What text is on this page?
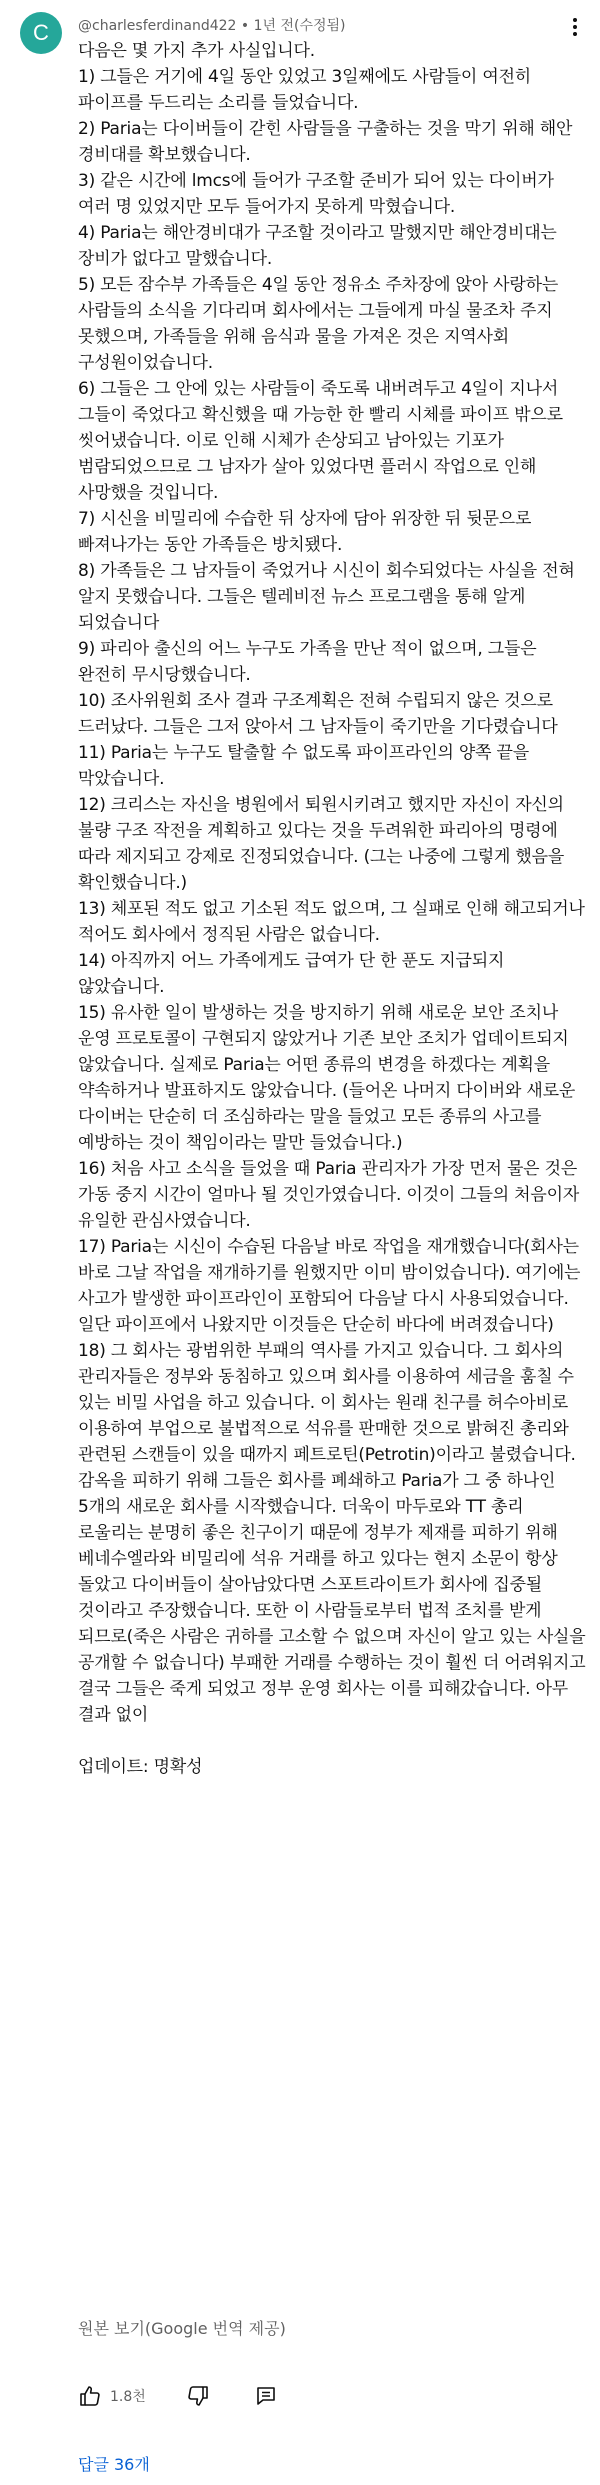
C @charlesferdinand422 • 1년 전(수정됨)

다음은 몇 가지 추가 사실입니다.

1) 그들은 거기에 4일 동안 있었고 3일째에도 사람들이 여전히 파이프를 두드리는 소리를 들었습니다.

2) Paria는 다이버들이 갇힌 사람들을 구출하는 것을 막기 위해 해안 경비대를 확보했습니다.

3) 같은 시간에 lmcs에 들어가 구조할 준비가 되어 있는 다이버가 여러 명 있었지만 모두 들어가지 못하게 막혔습니다.

4) Paria는 해안경비대가 구조할 것이라고 말했지만 해안경비대는 장비가 없다고 말했습니다.

5) 모든 잠수부 가족들은 4일 동안 정유소 주차장에 앉아 사랑하는 사람들의 소식을 기다리며 회사에서는 그들에게 마실 물조차 주지 못했으며, 가족들을 위해 음식과 물을 가져온 것은 지역사회 구성원이었습니다.

6) 그들은 그 안에 있는 사람들이 죽도록 내버려두고 4일이 지나서 그들이 죽었다고 확신했을 때 가능한 한 빨리 시체를 파이프 밖으로 씻어냈습니다. 이로 인해 시체가 손상되고 남아있는 기포가 범람되었으므로 그 남자가 살아 있었다면 플러시 작업으로 인해 사망했을 것입니다.

7) 시신을 비밀리에 수습한 뒤 상자에 담아 위장한 뒤 뒷문으로 빠져나가는 동안 가족들은 방치됐다.

8) 가족들은 그 남자들이 죽었거나 시신이 회수되었다는 사실을 전혀 알지 못했습니다. 그들은 텔레비전 뉴스 프로그램을 통해 알게 되었습니다

9) 파리아 출신의 어느 누구도 가족을 만난 적이 없으며, 그들은 완전히 무시당했습니다.

10) 조사위원회 조사 결과 구조계획은 전혀 수립되지 않은 것으로 드러났다. 그들은 그저 앉아서 그 남자들이 죽기만을 기다렸습니다

11) Paria는 누구도 탈출할 수 없도록 파이프라인의 양쪽 끝을 막았습니다.

12) 크리스는 자신을 병원에서 퇴원시키려고 했지만 자신이 자신의 불량 구조 작전을 계획하고 있다는 것을 두려워한 파리아의 명령에 따라 제지되고 강제로 진정되었습니다. (그는 나중에 그렇게 했음을 확인했습니다.)

13) 체포된 적도 없고 기소된 적도 없으며, 그 실패로 인해 해고되거나 적어도 회사에서 정직된 사람은 없습니다.

14) 아직까지 어느 가족에게도 급여가 단 한 푼도 지급되지 않았습니다.

15) 유사한 일이 발생하는 것을 방지하기 위해 새로운 보안 조치나 운영 프로토콜이 구현되지 않았거나 기존 보안 조치가 업데이트되지 않았습니다. 실제로 Paria는 어떤 종류의 변경을 하겠다는 계획을 약속하거나 발표하지도 않았습니다. (들어온 나머지 다이버와 새로운 다이버는 단순히 더 조심하라는 말을 들었고 모든 종류의 사고를 예방하는 것이 책임이라는 말만 들었습니다.)

16) 처음 사고 소식을 들었을 때 Paria 관리자가 가장 먼저 물은 것은 가동 중지 시간이 얼마나 될 것인가였습니다. 이것이 그들의 처음이자 유일한 관심사였습니다.

17) Paria는 시신이 수습된 다음날 바로 작업을 재개했습니다(회사는 바로 그날 작업을 재개하기를 원했지만 이미 밤이었습니다). 여기에는 사고가 발생한 파이프라인이 포함되어 다음날 다시 사용되었습니다. 일단 파이프에서 나왔지만 이것들은 단순히 바다에 버려졌습니다)

18) 그 회사는 광범위한 부패의 역사를 가지고 있습니다. 그 회사의 관리자들은 정부와 동침하고 있으며 회사를 이용하여 세금을 훔칠 수 있는 비밀 사업을 하고 있습니다. 이 회사는 원래 친구를 허수아비로 이용하여 부업으로 불법적으로 석유를 판매한 것으로 밝혀진 총리와 관련된 스캔들이 있을 때까지 페트로틴(Petrotin)이라고 불렸습니다. 감옥을 피하기 위해 그들은 회사를 폐쇄하고 Paria가 그 중 하나인 5개의 새로운 회사를 시작했습니다. 더욱이 마두로와 TT 총리 로울리는 분명히 좋은 친구이기 때문에 정부가 제재를 피하기 위해 베네수엘라와 비밀리에 석유 거래를 하고 있다는 현지 소문이 항상 돌았고 다이버들이 살아남았다면 스포트라이트가 회사에 집중될 것이라고 주장했습니다. 또한 이 사람들로부터 법적 조치를 받게 되므로(죽은 사람은 귀하를 고소할 수 없으며 자신이 알고 있는 사실을 공개할 수 없습니다) 부패한 거래를 수행하는 것이 훨씬 더 어려워지고 결국 그들은 죽게 되었고 정부 운영 회사는 이를 피해갔습니다. 아무 결과 없이

업데이트: 명확성

원본 보기(Google 번역 제공)
1.8천
답글 36개
